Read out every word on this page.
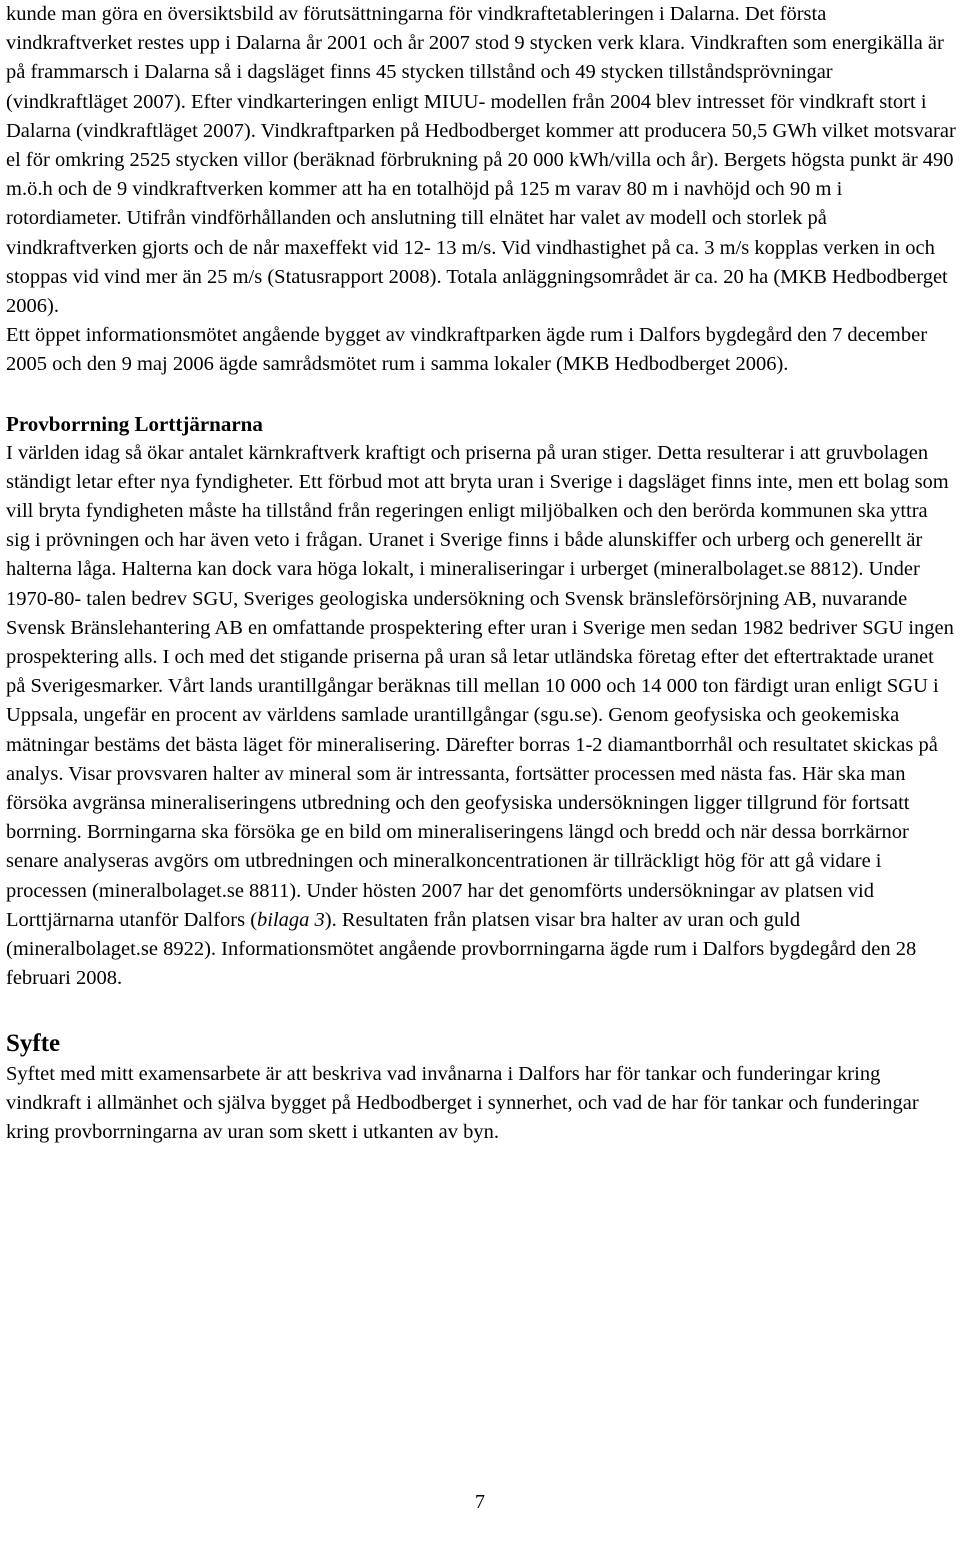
kunde man göra en översiktsbild av förutsättningarna för vindkraftetableringen i Dalarna. Det första vindkraftverket restes upp i Dalarna år 2001 och år 2007 stod 9 stycken verk klara. Vindkraften som energikälla är på frammarsch i Dalarna så i dagsläget finns 45 stycken tillstånd och 49 stycken tillståndsprövningar (vindkraftläget 2007). Efter vindkarteringen enligt MIUU- modellen från 2004 blev intresset för vindkraft stort i Dalarna (vindkraftläget 2007). Vindkraftparken på Hedbodberget kommer att producera 50,5 GWh vilket motsvarar el för omkring 2525 stycken villor (beräknad förbrukning på 20 000 kWh/villa och år). Bergets högsta punkt är 490 m.ö.h och de 9 vindkraftverken kommer att ha en totalhöjd på 125 m varav 80 m i navhöjd och 90 m i rotordiameter. Utifrån vindförhållanden och anslutning till elnätet har valet av modell och storlek på vindkraftverken gjorts och de når maxeffekt vid 12- 13 m/s. Vid vindhastighet på ca. 3 m/s kopplas verken in och stoppas vid vind mer än 25 m/s (Statusrapport 2008). Totala anläggningsområdet är ca. 20 ha (MKB Hedbodberget 2006).

Ett öppet informationsmötet angående bygget av vindkraftparken ägde rum i Dalfors bygdegård den 7 december 2005 och den 9 maj 2006 ägde samrådsmötet rum i samma lokaler (MKB Hedbodberget 2006).

Provborrning Lorttjärnarna

I världen idag så ökar antalet kärnkraftverk kraftigt och priserna på uran stiger. Detta resulterar i att gruvbolagen ständigt letar efter nya fyndigheter. Ett förbud mot att bryta uran i Sverige i dagsläget finns inte, men ett bolag som vill bryta fyndigheten måste ha tillstånd från regeringen enligt miljöbalken och den berörda kommunen ska yttra sig i prövningen och har även veto i frågan. Uranet i Sverige finns i både alunskiffer och urberg och generellt är halterna låga. Halterna kan dock vara höga lokalt, i mineraliseringar i urberget (mineralbolaget.se 8812). Under 1970-80- talen bedrev SGU, Sveriges geologiska undersökning och Svensk bränsleförsörjning AB, nuvarande Svensk Bränslehantering AB en omfattande prospektering efter uran i Sverige men sedan 1982 bedriver SGU ingen prospektering alls. I och med det stigande priserna på uran så letar utländska företag efter det eftertraktade uranet på Sverigesmarker. Vårt lands urantillgångar beräknas till mellan 10 000 och 14 000 ton färdigt uran enligt SGU i Uppsala, ungefär en procent av världens samlade urantillgångar (sgu.se). Genom geofysiska och geokemiska mätningar bestäms det bästa läget för mineralisering. Därefter borras 1-2 diamantborrhål och resultatet skickas på analys. Visar provsvaren halter av mineral som är intressanta, fortsätter processen med nästa fas. Här ska man försöka avgränsa mineraliseringens utbredning och den geofysiska undersökningen ligger tillgrund för fortsatt borrning. Borrningarna ska försöka ge en bild om mineraliseringens längd och bredd och när dessa borrkärnor senare analyseras avgörs om utbredningen och mineralkoncentrationen är tillräckligt hög för att gå vidare i processen (mineralbolaget.se 8811). Under hösten 2007 har det genomförts undersökningar av platsen vid Lorttjärnarna utanför Dalfors (bilaga 3). Resultaten från platsen visar bra halter av uran och guld (mineralbolaget.se 8922). Informationsmötet angående provborrningarna ägde rum i Dalfors bygdegård den 28 februari 2008.

Syfte

Syftet med mitt examensarbete är att beskriva vad invånarna i Dalfors har för tankar och funderingar kring vindkraft i allmänhet och själva bygget på Hedbodberget i synnerhet, och vad de har för tankar och funderingar kring provborrningarna av uran som skett i utkanten av byn.

7
